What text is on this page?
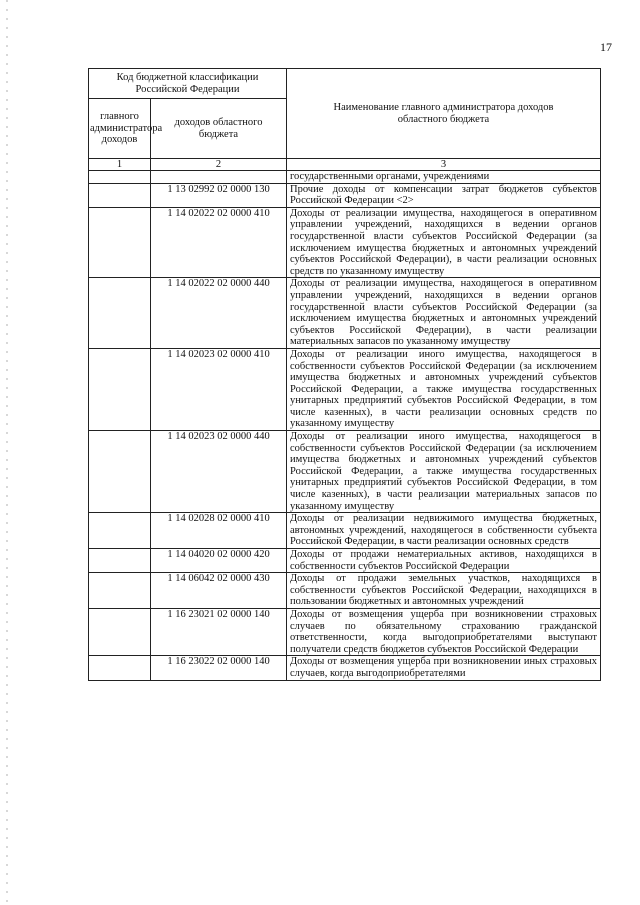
17
Код бюджетной классификации Российской Федерации		Наименование главного администратора доходов областного бюджета
главного администратора доходов	доходов областного бюджета	
1	2	3
		государственными органами, учреждениями
	1 13 02992 02 0000 130	Прочие доходы от компенсации затрат бюджетов субъектов Российской Федерации <2>
	1 14 02022 02 0000 410	Доходы от реализации имущества, находящегося в оперативном управлении учреждений, находящихся в ведении органов государственной власти субъектов Российской Федерации (за исключением имущества бюджетных и автономных учреждений субъектов Российской Федерации), в части реализации основных средств по указанному имуществу
	1 14 02022 02 0000 440	Доходы от реализации имущества, находящегося в оперативном управлении учреждений, находящихся в ведении органов государственной власти субъектов Российской Федерации (за исключением имущества бюджетных и автономных учреждений субъектов Российской Федерации), в части реализации материальных запасов по указанному имуществу
	1 14 02023 02 0000 410	Доходы от реализации иного имущества, находящегося в собственности субъектов Российской Федерации (за исключением имущества бюджетных и автономных учреждений субъектов Российской Федерации, а также имущества государственных унитарных предприятий субъектов Российской Федерации, в том числе казенных), в части реализации основных средств по указанному имуществу
	1 14 02023 02 0000 440	Доходы от реализации иного имущества, находящегося в собственности субъектов Российской Федерации (за исключением имущества бюджетных и автономных учреждений субъектов Российской Федерации, а также имущества государственных унитарных предприятий субъектов Российской Федерации, в том числе казенных), в части реализации материальных запасов по указанному имуществу
	1 14 02028 02 0000 410	Доходы от реализации недвижимого имущества бюджетных, автономных учреждений, находящегося в собственности субъекта Российской Федерации, в части реализации основных средств
	1 14 04020 02 0000 420	Доходы от продажи нематериальных активов, находящихся в собственности субъектов Российской Федерации
	1 14 06042 02 0000 430	Доходы от продажи земельных участков, находящихся в собственности субъектов Российской Федерации, находящихся в пользовании бюджетных и автономных учреждений
	1 16 23021 02 0000 140	Доходы от возмещения ущерба при возникновении страховых случаев по обязательному страхованию гражданской ответственности, когда выгодоприобретателями выступают получатели средств бюджетов субъектов Российской Федерации
	1 16 23022 02 0000 140	Доходы от возмещения ущерба при возникновении иных страховых случаев, когда выгодоприобретателями
